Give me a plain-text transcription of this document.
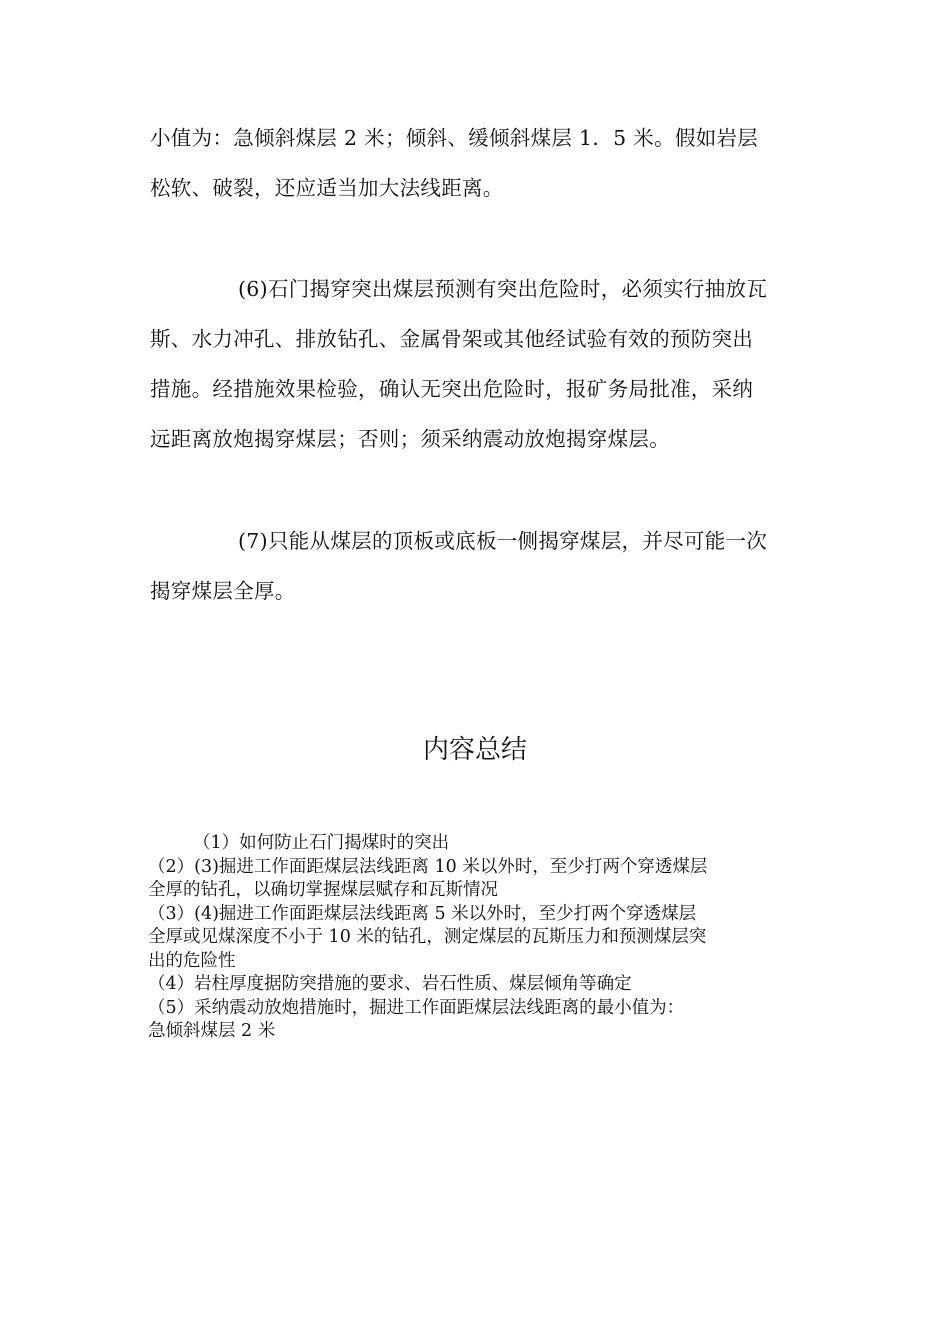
小值为：急倾斜煤层 2 米；倾斜、缓倾斜煤层 1．5 米。假如岩层
松软、破裂，还应适当加大法线距离。
(6)石门揭穿突出煤层预测有突出危险时，必须实行抽放瓦
斯、水力冲孔、排放钻孔、金属骨架或其他经试验有效的预防突出
措施。经措施效果检验，确认无突出危险时，报矿务局批准，采纳
远距离放炮揭穿煤层；否则；须采纳震动放炮揭穿煤层。
(7)只能从煤层的顶板或底板一侧揭穿煤层，并尽可能一次
揭穿煤层全厚。
内容总结
（1）如何防止石门揭煤时的突出
（2）(3)掘进工作面距煤层法线距离 10 米以外时，至少打两个穿透煤层
全厚的钻孔，以确切掌握煤层赋存和瓦斯情况
（3）(4)掘进工作面距煤层法线距离 5 米以外时，至少打两个穿透煤层
全厚或见煤深度不小于 10 米的钻孔，测定煤层的瓦斯压力和预测煤层突
出的危险性
（4）岩柱厚度据防突措施的要求、岩石性质、煤层倾角等确定
（5）采纳震动放炮措施时，掘进工作面距煤层法线距离的最小值为：
急倾斜煤层 2 米
